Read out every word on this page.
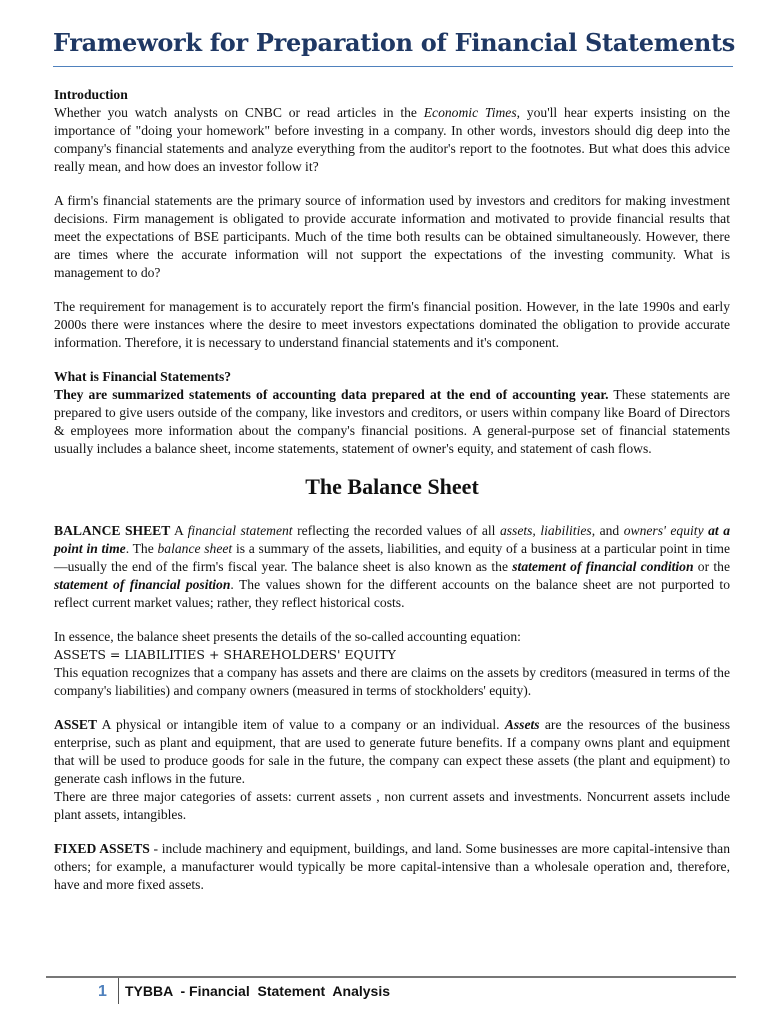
Framework for Preparation of Financial Statements

Introduction

Whether you watch analysts on CNBC or read articles in the Economic Times, you'll hear experts insisting on the importance of "doing your homework" before investing in a company. In other words, investors should dig deep into the company's financial statements and analyze everything from the auditor's report to the footnotes. But what does this advice really mean, and how does an investor follow it?

A firm's financial statements are the primary source of information used by investors and creditors for making investment decisions. Firm management is obligated to provide accurate information and motivated to provide financial results that meet the expectations of BSE participants. Much of the time both results can be obtained simultaneously. However, there are times where the accurate information will not support the expectations of the investing community. What is management to do?

The requirement for management is to accurately report the firm's financial position. However, in the late 1990s and early 2000s there were instances where the desire to meet investors expectations dominated the obligation to provide accurate information. Therefore, it is necessary to understand financial statements and it's component.

What is Financial Statements?

They are summarized statements of accounting data prepared at the end of accounting year. These statements are prepared to give users outside of the company, like investors and creditors, or users within company like Board of Directors & employees more information about the company's financial positions. A general-purpose set of financial statements usually includes a balance sheet, income statements, statement of owner's equity, and statement of cash flows.

The Balance Sheet

BALANCE SHEET A financial statement reflecting the recorded values of all assets, liabilities, and owners' equity at a point in time. The balance sheet is a summary of the assets, liabilities, and equity of a business at a particular point in time—usually the end of the firm's fiscal year. The balance sheet is also known as the statement of financial condition or the statement of financial position. The values shown for the different accounts on the balance sheet are not purported to reflect current market values; rather, they reflect historical costs.

In essence, the balance sheet presents the details of the so-called accounting equation:

ASSETS = LIABILITIES + SHAREHOLDERS' EQUITY

This equation recognizes that a company has assets and there are claims on the assets by creditors (measured in terms of the company's liabilities) and company owners (measured in terms of stockholders' equity).

ASSET A physical or intangible item of value to a company or an individual. Assets are the resources of the business enterprise, such as plant and equipment, that are used to generate future benefits. If a company owns plant and equipment that will be used to produce goods for sale in the future, the company can expect these assets (the plant and equipment) to generate cash inflows in the future.

There are three major categories of assets: current assets , non current assets and investments. Noncurrent assets include plant assets, intangibles.

FIXED ASSETS - include machinery and equipment, buildings, and land. Some businesses are more capital-intensive than others; for example, a manufacturer would typically be more capital-intensive than a wholesale operation and, therefore, have and more fixed assets.

1 TYBBA  - Financial  Statement  Analysis
